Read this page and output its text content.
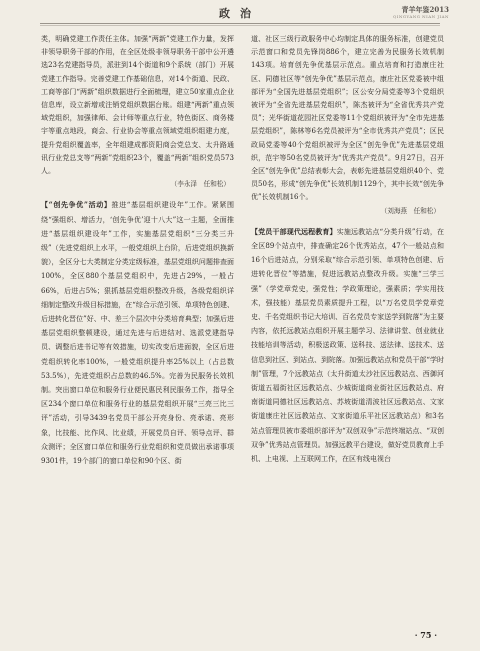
政治	青羊年鉴2013
QINGYANG NIAN JIAN

类，明确党建工作责任主体。加强“两新”党建工作力量，发挥非领导职务干部的作用，在全区处级非领导职务干部中公开遴选23名党建指导员，派驻到14个街道和9个系统（部门）开展党建工作指导。完善党建工作基础信息，对14个街道、民政、工商等部门“两新”组织数据进行全面梳理，建立50家重点企业信息库，设立新增或注销党组织数据台账。组建“两新”重点领域党组织，加强律师、会计师等重点行业，特色街区、商务楼宇等重点地段，商会、行业协会等重点领域党组织组建力度，提升党组织覆盖率，全年组建成都资阳商会党总支、太升路通讯行业党总支等“两新”党组织23个，覆盖“两新”组织党员573人。

（李永泽　任和松）

【“创先争优”活动】推进“基层组织建设年”工作。紧紧围绕“强组织、增活力，‘创先争优’迎十八大”这一主题，全面推进“基层组织建设年”工作，实施基层党组织“三分类三升级”（先进党组织上水平，一般党组织上台阶，后进党组织换新貌），全区分七大类制定分类定级标准，基层党组织问题排查面100%，全区880个基层党组织中，先进占29%，一般占66%，后进占5%；狠抓基层党组织整改升级，各级党组织详细制定整改升级目标措施，在“综合示范引领、单项特色创建、后进转化晋位”好、中、差三个层次中分类培育典型；加强后进基层党组织整顿建设，通过先进与后进结对、选派党建指导员、调整后进书记等有效措施，切实改变后进面貌，全区后进党组织转化率100%，一般党组织提升率25%以上（占总数53.5%），先进党组织占总数的46.5%。完善为民服务长效机制。突出窗口单位和服务行业便民惠民利民服务工作，指导全区234个窗口单位和服务行业的基层党组织开展“三亮三比三评”活动，引导3439名党员干部公开亮身份、亮承诺、亮形象，比技能、比作风、比业绩，开展党员自评、领导点评、群众测评；全区窗口单位和服务行业党组织和党员做出承诺事项9301件，19个部门的窗口单位和90个区、街

道、社区三级行政服务中心均制定具体的服务标准，创建党员示范窗口和党员先锋岗886个，建立完善为民服务长效机制143项。培育创先争优基层示范点。重点培育和打造康庄社区、同德社区等“创先争优”基层示范点，康庄社区党委被中组部评为“全国先进基层党组织”；区公安分局党委等3个党组织被评为“全省先进基层党组织”，陈杰被评为“全省优秀共产党员”；光华街道花园社区党委等11个党组织被评为“全市先进基层党组织”，陈林等6名党员被评为“全市优秀共产党员”；区民政局党委等40个党组织被评为全区“创先争优”先进基层党组织，范宇等50名党员被评为“优秀共产党员”。9月27日，召开全区“创先争优”总结表彰大会，表彰先进基层党组织40个、党员50名，形成“创先争优”长效机制1129个，其中长效“创先争优”长效机制16个。

（刘海燕　任和松）

【党员干部现代远程教育】实施远教站点“分类升级”行动，在全区89个站点中，排查确定26个优秀站点，47个一般站点和16个后进站点，分别采取“综合示范引领、单项特色创建、后进转化晋位”等措施，促进远教站点整改升级。实施“三学三强”（学党章党史，强党性；学政策理论，强素质；学实用技术，强技能）基层党员素质提升工程，以“万名党员学党章党史、千名党组织书记大培训、百名党员专家送学到院落”为主要内容，依托远教站点组织开展主题学习、法律讲堂、创业就业技能培训等活动，积极送政策、送科技、送法律、送技术、送信息到社区、到站点、到院落。加强远教站点和党员干部“学时制”管理，7个远教站点（太升街道太沙社区远教站点、西御河街道五福街社区远教站点、少城街道商业街社区远教站点、府南街道同德社区远教站点、苏坡街道清波社区远教站点、文家街道康庄社区远教站点、文家街道乐平社区远教站点）和3名站点管理员被市委组织部评为“双创双争”示范终端站点、“双创双争”优秀站点管理员。加强远教平台建设，做好党员教育上手机、上电视、上互联网工作，在区有线电视台

· 75 ·
